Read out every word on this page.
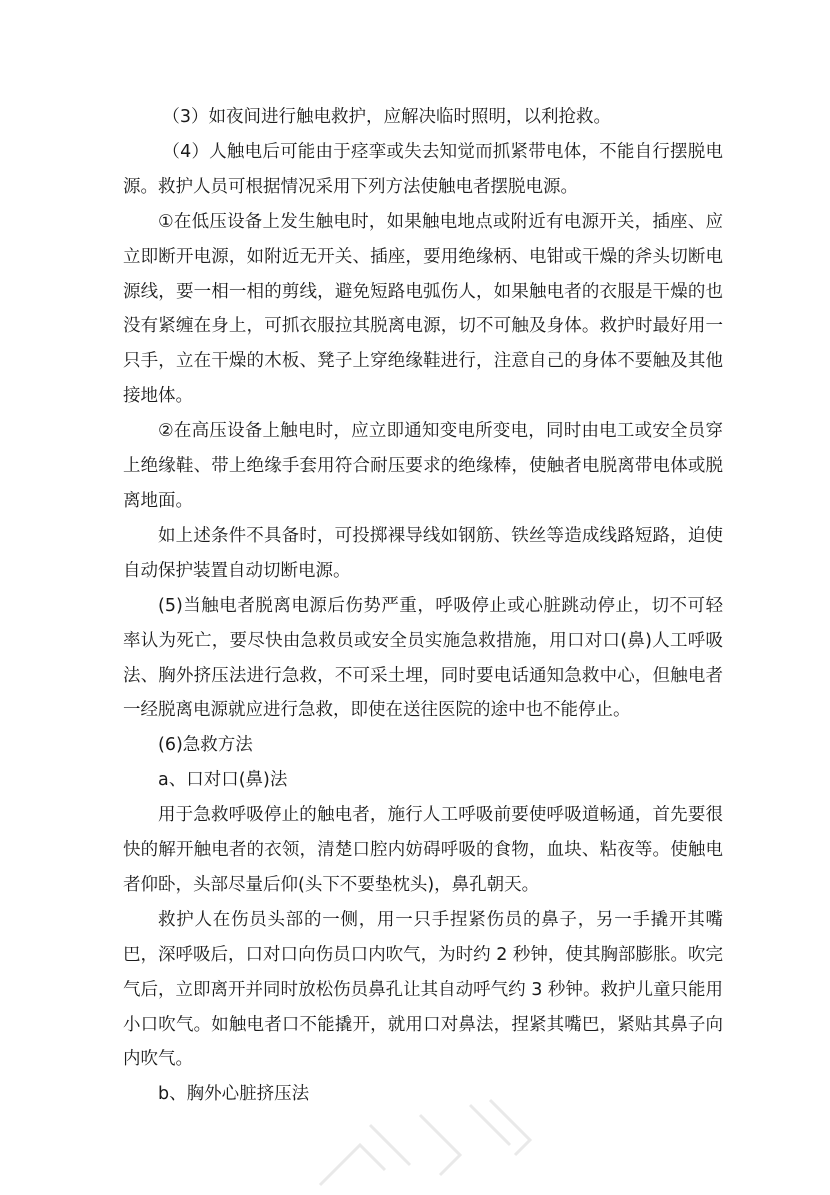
（3）如夜间进行触电救护，应解决临时照明，以利抢救。

（4）人触电后可能由于痉挛或失去知觉而抓紧带电体，不能自行摆脱电源。救护人员可根据情况采用下列方法使触电者摆脱电源。

①在低压设备上发生触电时，如果触电地点或附近有电源开关，插座、应立即断开电源，如附近无开关、插座，要用绝缘柄、电钳或干燥的斧头切断电源线，要一相一相的剪线，避免短路电弧伤人，如果触电者的衣服是干燥的也没有紧缠在身上，可抓衣服拉其脱离电源，切不可触及身体。救护时最好用一只手，立在干燥的木板、凳子上穿绝缘鞋进行，注意自己的身体不要触及其他接地体。

②在高压设备上触电时，应立即通知变电所变电，同时由电工或安全员穿上绝缘鞋、带上绝缘手套用符合耐压要求的绝缘棒，使触者电脱离带电体或脱离地面。

如上述条件不具备时，可投掷裸导线如钢筋、铁丝等造成线路短路，迫使自动保护装置自动切断电源。

(5)当触电者脱离电源后伤势严重，呼吸停止或心脏跳动停止，切不可轻率认为死亡，要尽快由急救员或安全员实施急救措施，用口对口(鼻)人工呼吸法、胸外挤压法进行急救，不可采土埋，同时要电话通知急救中心，但触电者一经脱离电源就应进行急救，即使在送往医院的途中也不能停止。

(6)急救方法

a、口对口(鼻)法

用于急救呼吸停止的触电者，施行人工呼吸前要使呼吸道畅通，首先要很快的解开触电者的衣领，清楚口腔内妨碍呼吸的食物，血块、粘夜等。使触电者仰卧，头部尽量后仰(头下不要垫枕头)，鼻孔朝天。

救护人在伤员头部的一侧，用一只手捏紧伤员的鼻子，另一手撬开其嘴巴，深呼吸后，口对口向伤员口内吹气，为时约 2 秒钟，使其胸部膨胀。吹完气后，立即离开并同时放松伤员鼻孔让其自动呼气约 3 秒钟。救护儿童只能用小口吹气。如触电者口不能撬开，就用口对鼻法，捏紧其嘴巴，紧贴其鼻子向内吹气。

b、胸外心脏挤压法
